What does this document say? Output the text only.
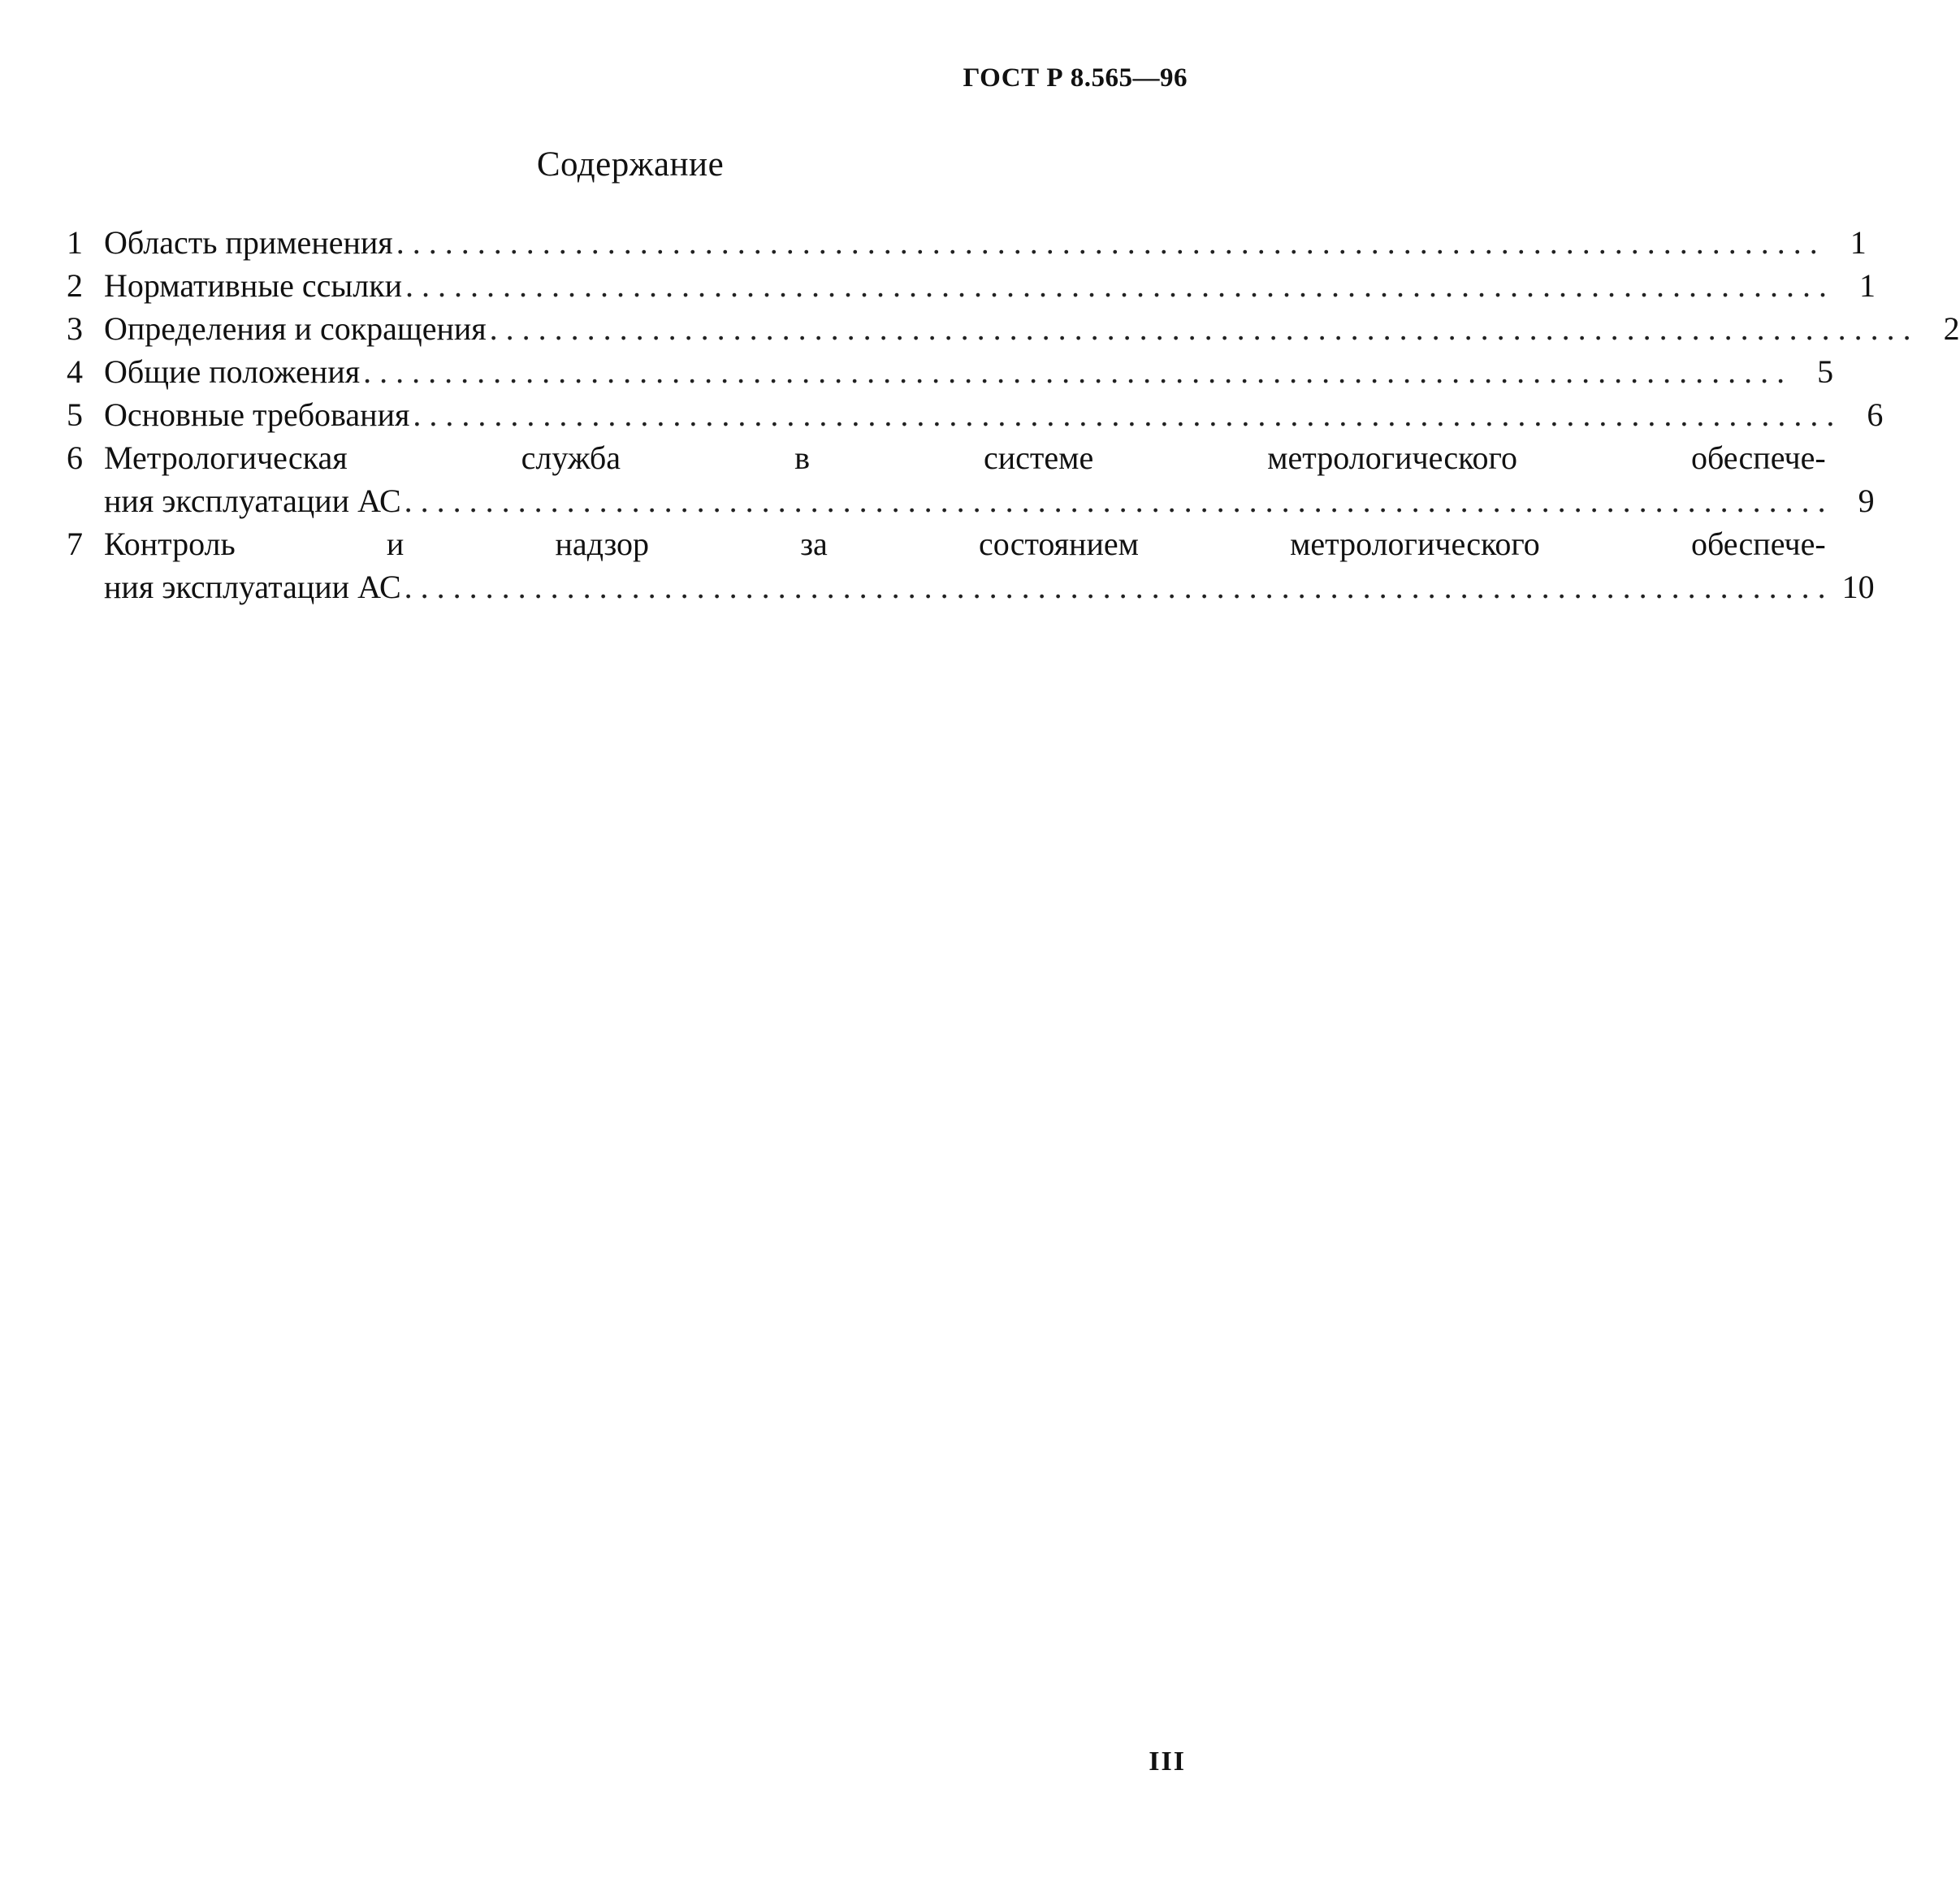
ГОСТ Р 8.565—96
Содержание
1 Область применения . . .	1
2 Нормативные ссылки . . .	1
3 Определения и сокращения . . .	2
4 Общие положения . . .	5
5 Основные требования . . .	6
6 Метрологическая служба в системе метрологического обеспече-
ния эксплуатации АС . . .	9
7 Контроль и надзор за состоянием метрологического обеспече-
ния эксплуатации АС . . .	10
III
